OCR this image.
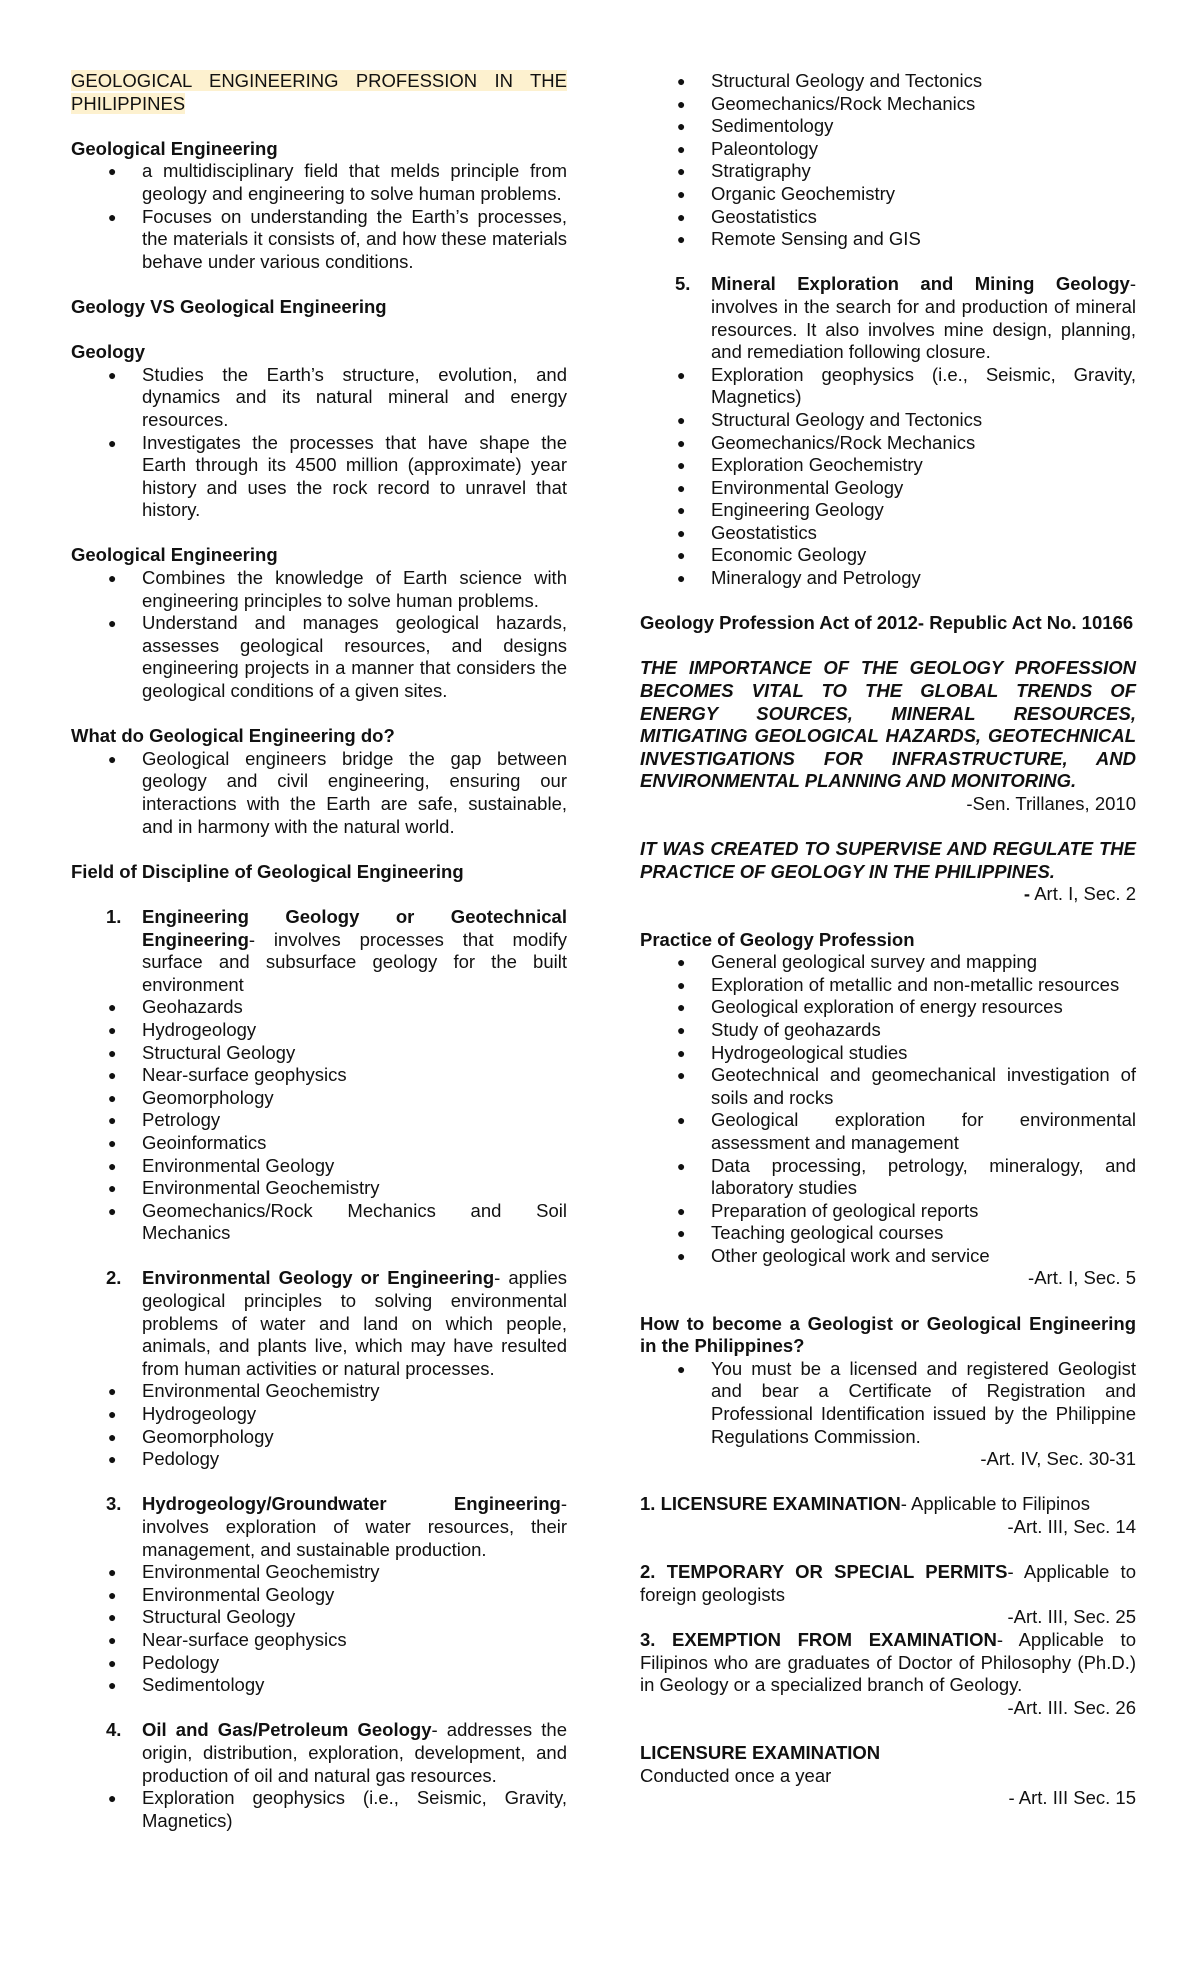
GEOLOGICAL ENGINEERING PROFESSION IN THE PHILIPPINES

Geological Engineering

● a multidisciplinary field that melds principle from geology and engineering to solve human problems.
● Focuses on understanding the Earth’s processes, the materials it consists of, and how these materials behave under various conditions.

Geology VS Geological Engineering

Geology

● Studies the Earth’s structure, evolution, and dynamics and its natural mineral and energy resources.
● Investigates the processes that have shape the Earth through its 4500 million (approximate) year history and uses the rock record to unravel that history.

Geological Engineering

● Combines the knowledge of Earth science with engineering principles to solve human problems.
● Understand and manages geological hazards, assesses geological resources, and designs engineering projects in a manner that considers the geological conditions of a given sites.

What do Geological Engineering do?

● Geological engineers bridge the gap between geology and civil engineering, ensuring our interactions with the Earth are safe, sustainable, and in harmony with the natural world.

Field of Discipline of Geological Engineering

1. Engineering Geology or Geotechnical Engineering- involves processes that modify surface and subsurface geology for the built environment
● Geohazards
● Hydrogeology
● Structural Geology
● Near-surface geophysics
● Geomorphology
● Petrology
● Geoinformatics
● Environmental Geology
● Environmental Geochemistry
● Geomechanics/Rock Mechanics and Soil Mechanics
2. Environmental Geology or Engineering- applies geological principles to solving environmental problems of water and land on which people, animals, and plants live, which may have resulted from human activities or natural processes.
● Environmental Geochemistry
● Hydrogeology
● Geomorphology
● Pedology
3. Hydrogeology/Groundwater Engineering- involves exploration of water resources, their management, and sustainable production.
● Environmental Geochemistry
● Environmental Geology
● Structural Geology
● Near-surface geophysics
● Pedology
● Sedimentology
4. Oil and Gas/Petroleum Geology- addresses the origin, distribution, exploration, development, and production of oil and natural gas resources.
● Exploration geophysics (i.e., Seismic, Gravity, Magnetics)
● Structural Geology and Tectonics
● Geomechanics/Rock Mechanics
● Sedimentology
● Paleontology
● Stratigraphy
● Organic Geochemistry
● Geostatistics
● Remote Sensing and GIS
5. Mineral Exploration and Mining Geology- involves in the search for and production of mineral resources. It also involves mine design, planning, and remediation following closure.
● Exploration geophysics (i.e., Seismic, Gravity, Magnetics)
● Structural Geology and Tectonics
● Geomechanics/Rock Mechanics
● Exploration Geochemistry
● Environmental Geology
● Engineering Geology
● Geostatistics
● Economic Geology
● Mineralogy and Petrology

Geology Profession Act of 2012- Republic Act No. 10166

THE IMPORTANCE OF THE GEOLOGY PROFESSION BECOMES VITAL TO THE GLOBAL TRENDS OF ENERGY SOURCES, MINERAL RESOURCES, MITIGATING GEOLOGICAL HAZARDS, GEOTECHNICAL INVESTIGATIONS FOR INFRASTRUCTURE, AND ENVIRONMENTAL PLANNING AND MONITORING.

-Sen. Trillanes, 2010

IT WAS CREATED TO SUPERVISE AND REGULATE THE PRACTICE OF GEOLOGY IN THE PHILIPPINES.

- Art. I, Sec. 2

Practice of Geology Profession

● General geological survey and mapping
● Exploration of metallic and non-metallic resources
● Geological exploration of energy resources
● Study of geohazards
● Hydrogeological studies
● Geotechnical and geomechanical investigation of soils and rocks
● Geological exploration for environmental assessment and management
● Data processing, petrology, mineralogy, and laboratory studies
● Preparation of geological reports
● Teaching geological courses
● Other geological work and service
-Art. I, Sec. 5

How to become a Geologist or Geological Engineering in the Philippines?

● You must be a licensed and registered Geologist and bear a Certificate of Registration and Professional Identification issued by the Philippine Regulations Commission.
-Art. IV, Sec. 30-31
1. LICENSURE EXAMINATION- Applicable to Filipinos
-Art. III, Sec. 14
2. TEMPORARY OR SPECIAL PERMITS- Applicable to foreign geologists
-Art. III, Sec. 25
3. EXEMPTION FROM EXAMINATION- Applicable to Filipinos who are graduates of Doctor of Philosophy (Ph.D.) in Geology or a specialized branch of Geology.
-Art. III. Sec. 26

LICENSURE EXAMINATION

Conducted once a year
- Art. III Sec. 15
